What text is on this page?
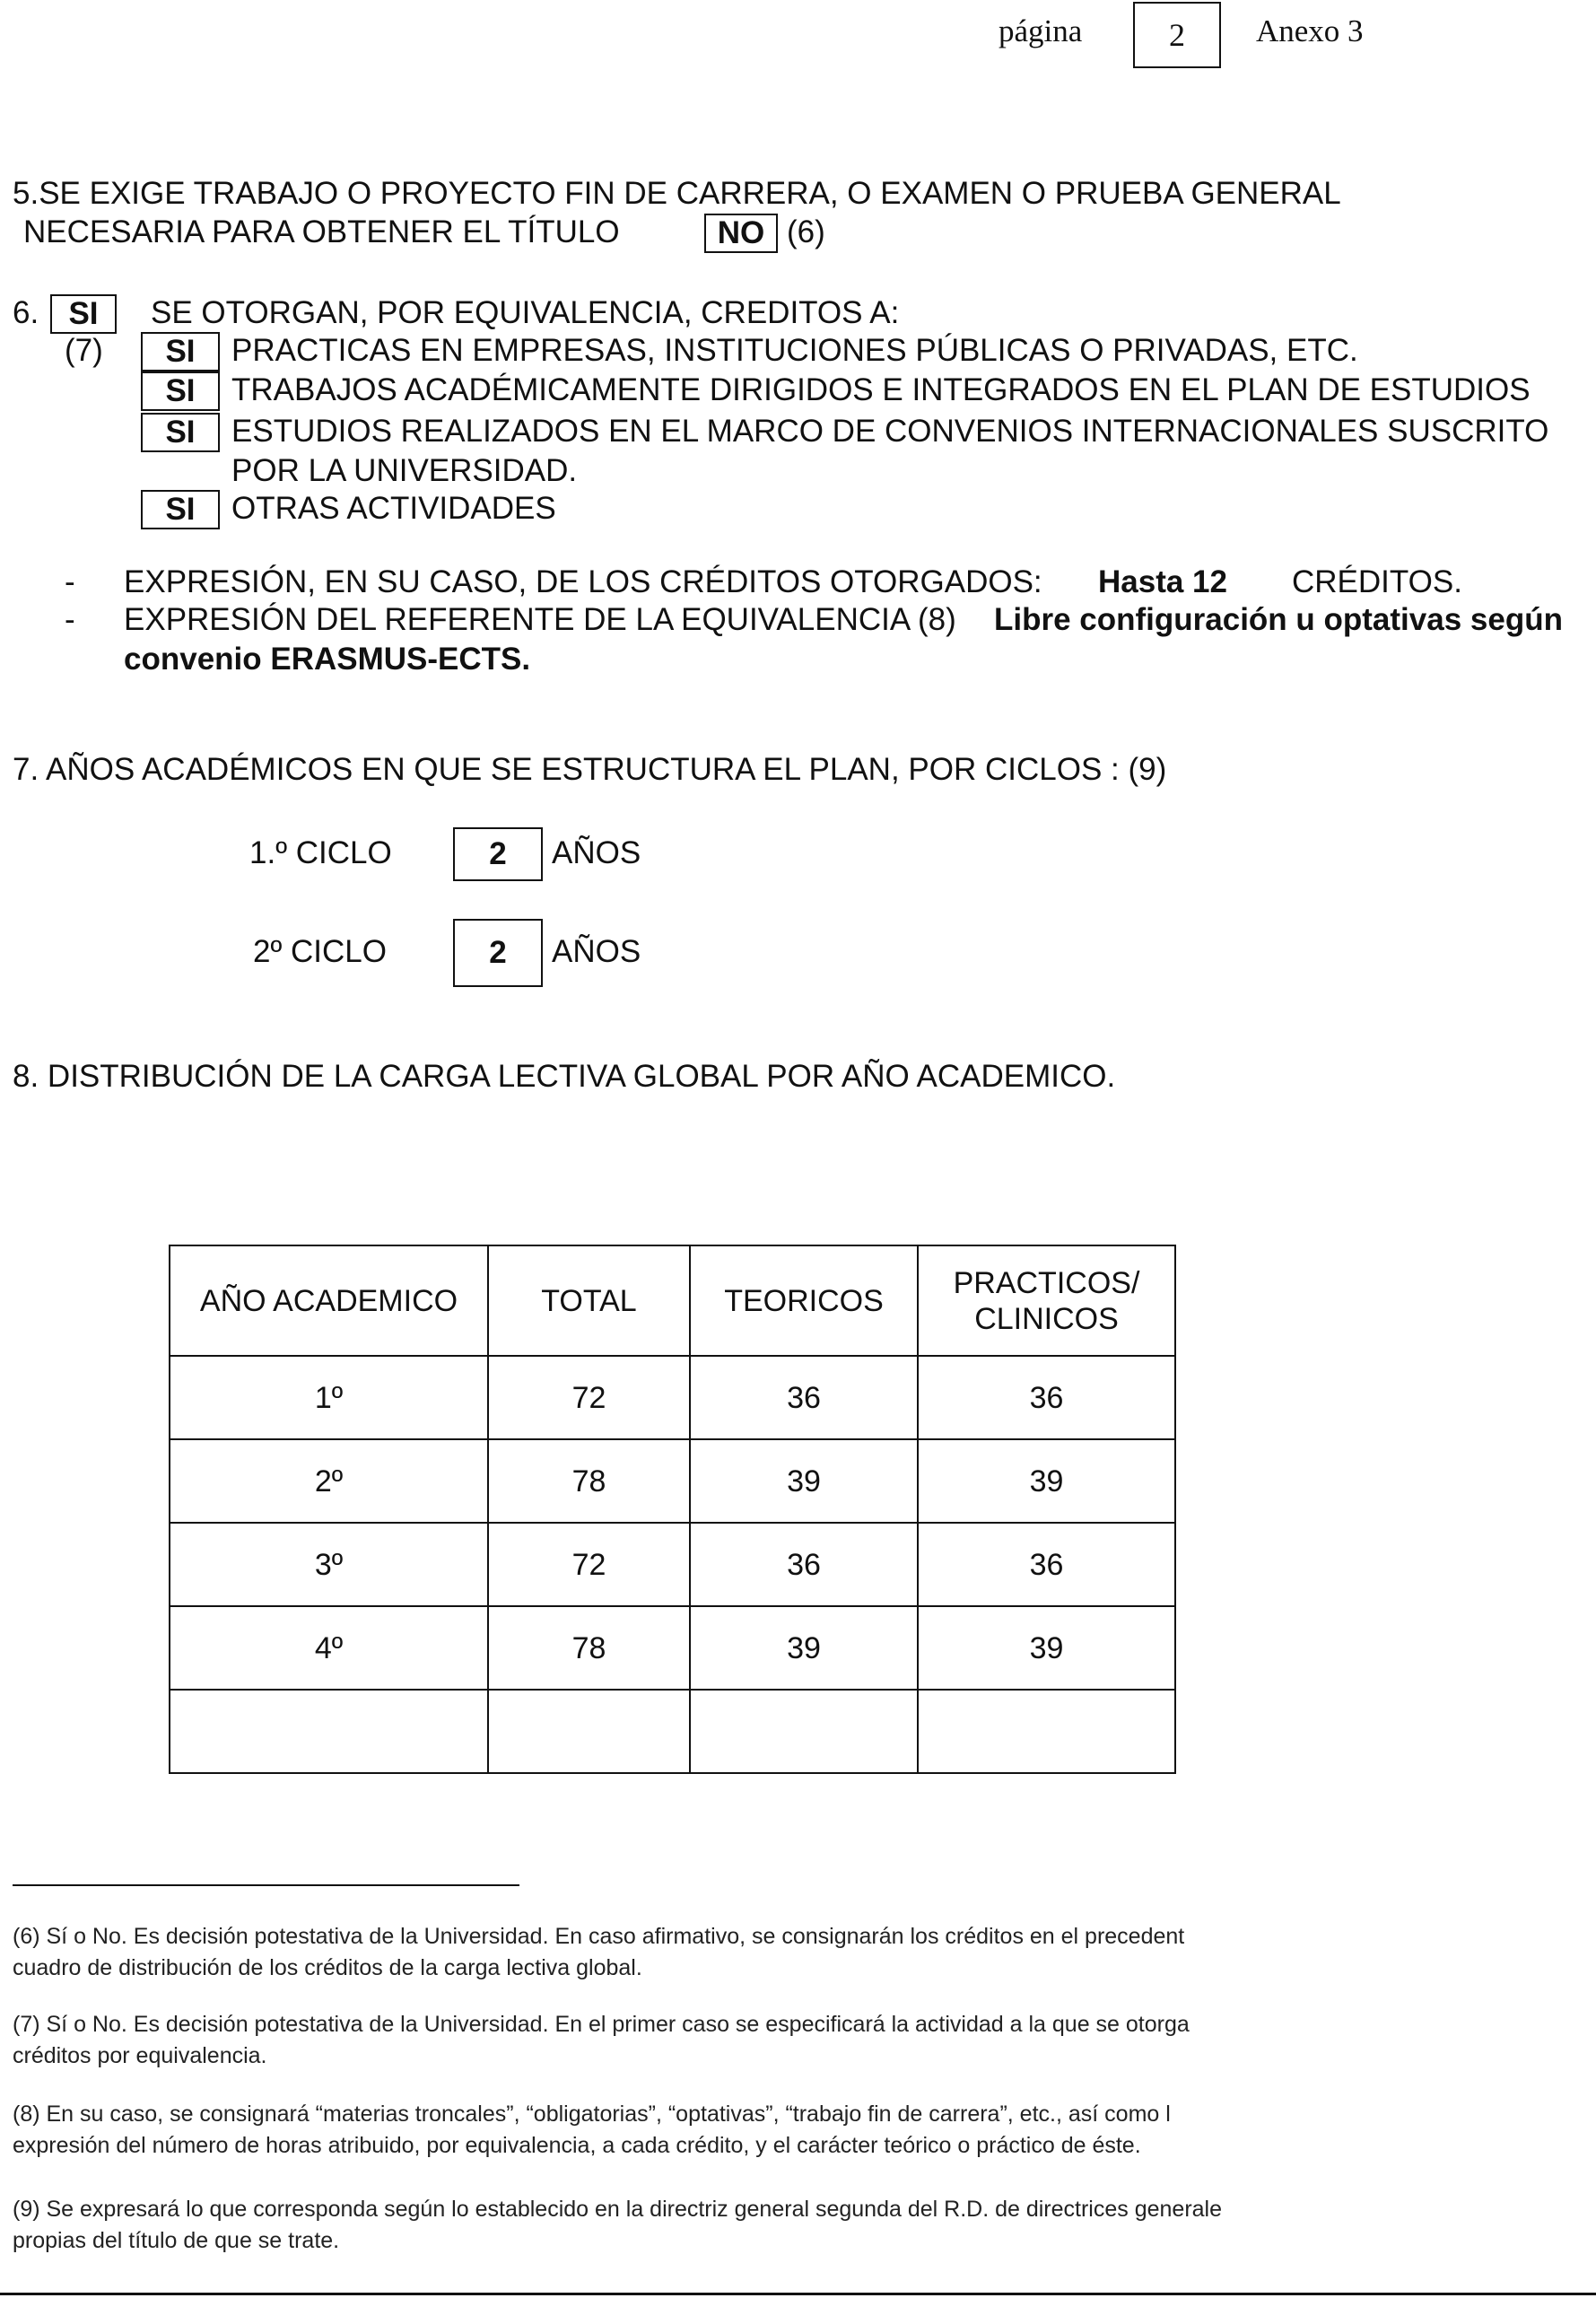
página	2	Anexo 3
5.SE EXIGE TRABAJO O PROYECTO FIN DE CARRERA, O EXAMEN O PRUEBA GENERAL
NECESARIA PARA OBTENER EL TÍTULO	NO (6)
6. SI	SE OTORGAN, POR EQUIVALENCIA, CREDITOS A:
(7)	SI	PRACTICAS EN EMPRESAS, INSTITUCIONES PÚBLICAS O PRIVADAS, ETC.
SI	TRABAJOS ACADÉMICAMENTE DIRIGIDOS E INTEGRADOS EN EL PLAN DE ESTUDIOS
SI	ESTUDIOS REALIZADOS EN EL MARCO DE CONVENIOS INTERNACIONALES SUSCRITO
POR LA UNIVERSIDAD.
SI	OTRAS ACTIVIDADES
- EXPRESIÓN, EN SU CASO, DE LOS CRÉDITOS OTORGADOS: Hasta 12 CRÉDITOS.
- EXPRESIÓN DEL REFERENTE DE LA EQUIVALENCIA (8) Libre configuración u optativas según
convenio ERASMUS-ECTS.
7. AÑOS ACADÉMICOS EN QUE SE ESTRUCTURA EL PLAN, POR CICLOS : (9)
1.º CICLO	2	AÑOS
2º CICLO	2	AÑOS
8. DISTRIBUCIÓN DE LA CARGA LECTIVA GLOBAL POR AÑO ACADEMICO.
AÑO ACADEMICO	TOTAL	TEORICOS	PRACTICOS/
CLINICOS
1º	72	36	36
2º	78	39	39
3º	72	36	36
4º	78	39	39

(6) Sí o No. Es decisión potestativa de la Universidad. En caso afirmativo, se consignarán los créditos en el precedent
cuadro de distribución de los créditos de la carga lectiva global.
(7) Sí o No. Es decisión potestativa de la Universidad. En el primer caso se especificará la actividad a la que se otorga
créditos por equivalencia.
(8) En su caso, se consignará “materias troncales”, “obligatorias”, “optativas”, “trabajo fin de carrera”, etc., así como l
expresión del número de horas atribuido, por equivalencia, a cada crédito, y el carácter teórico o práctico de éste.
(9) Se expresará lo que corresponda según lo establecido en la directriz general segunda del R.D. de directrices generale
propias del título de que se trate.
